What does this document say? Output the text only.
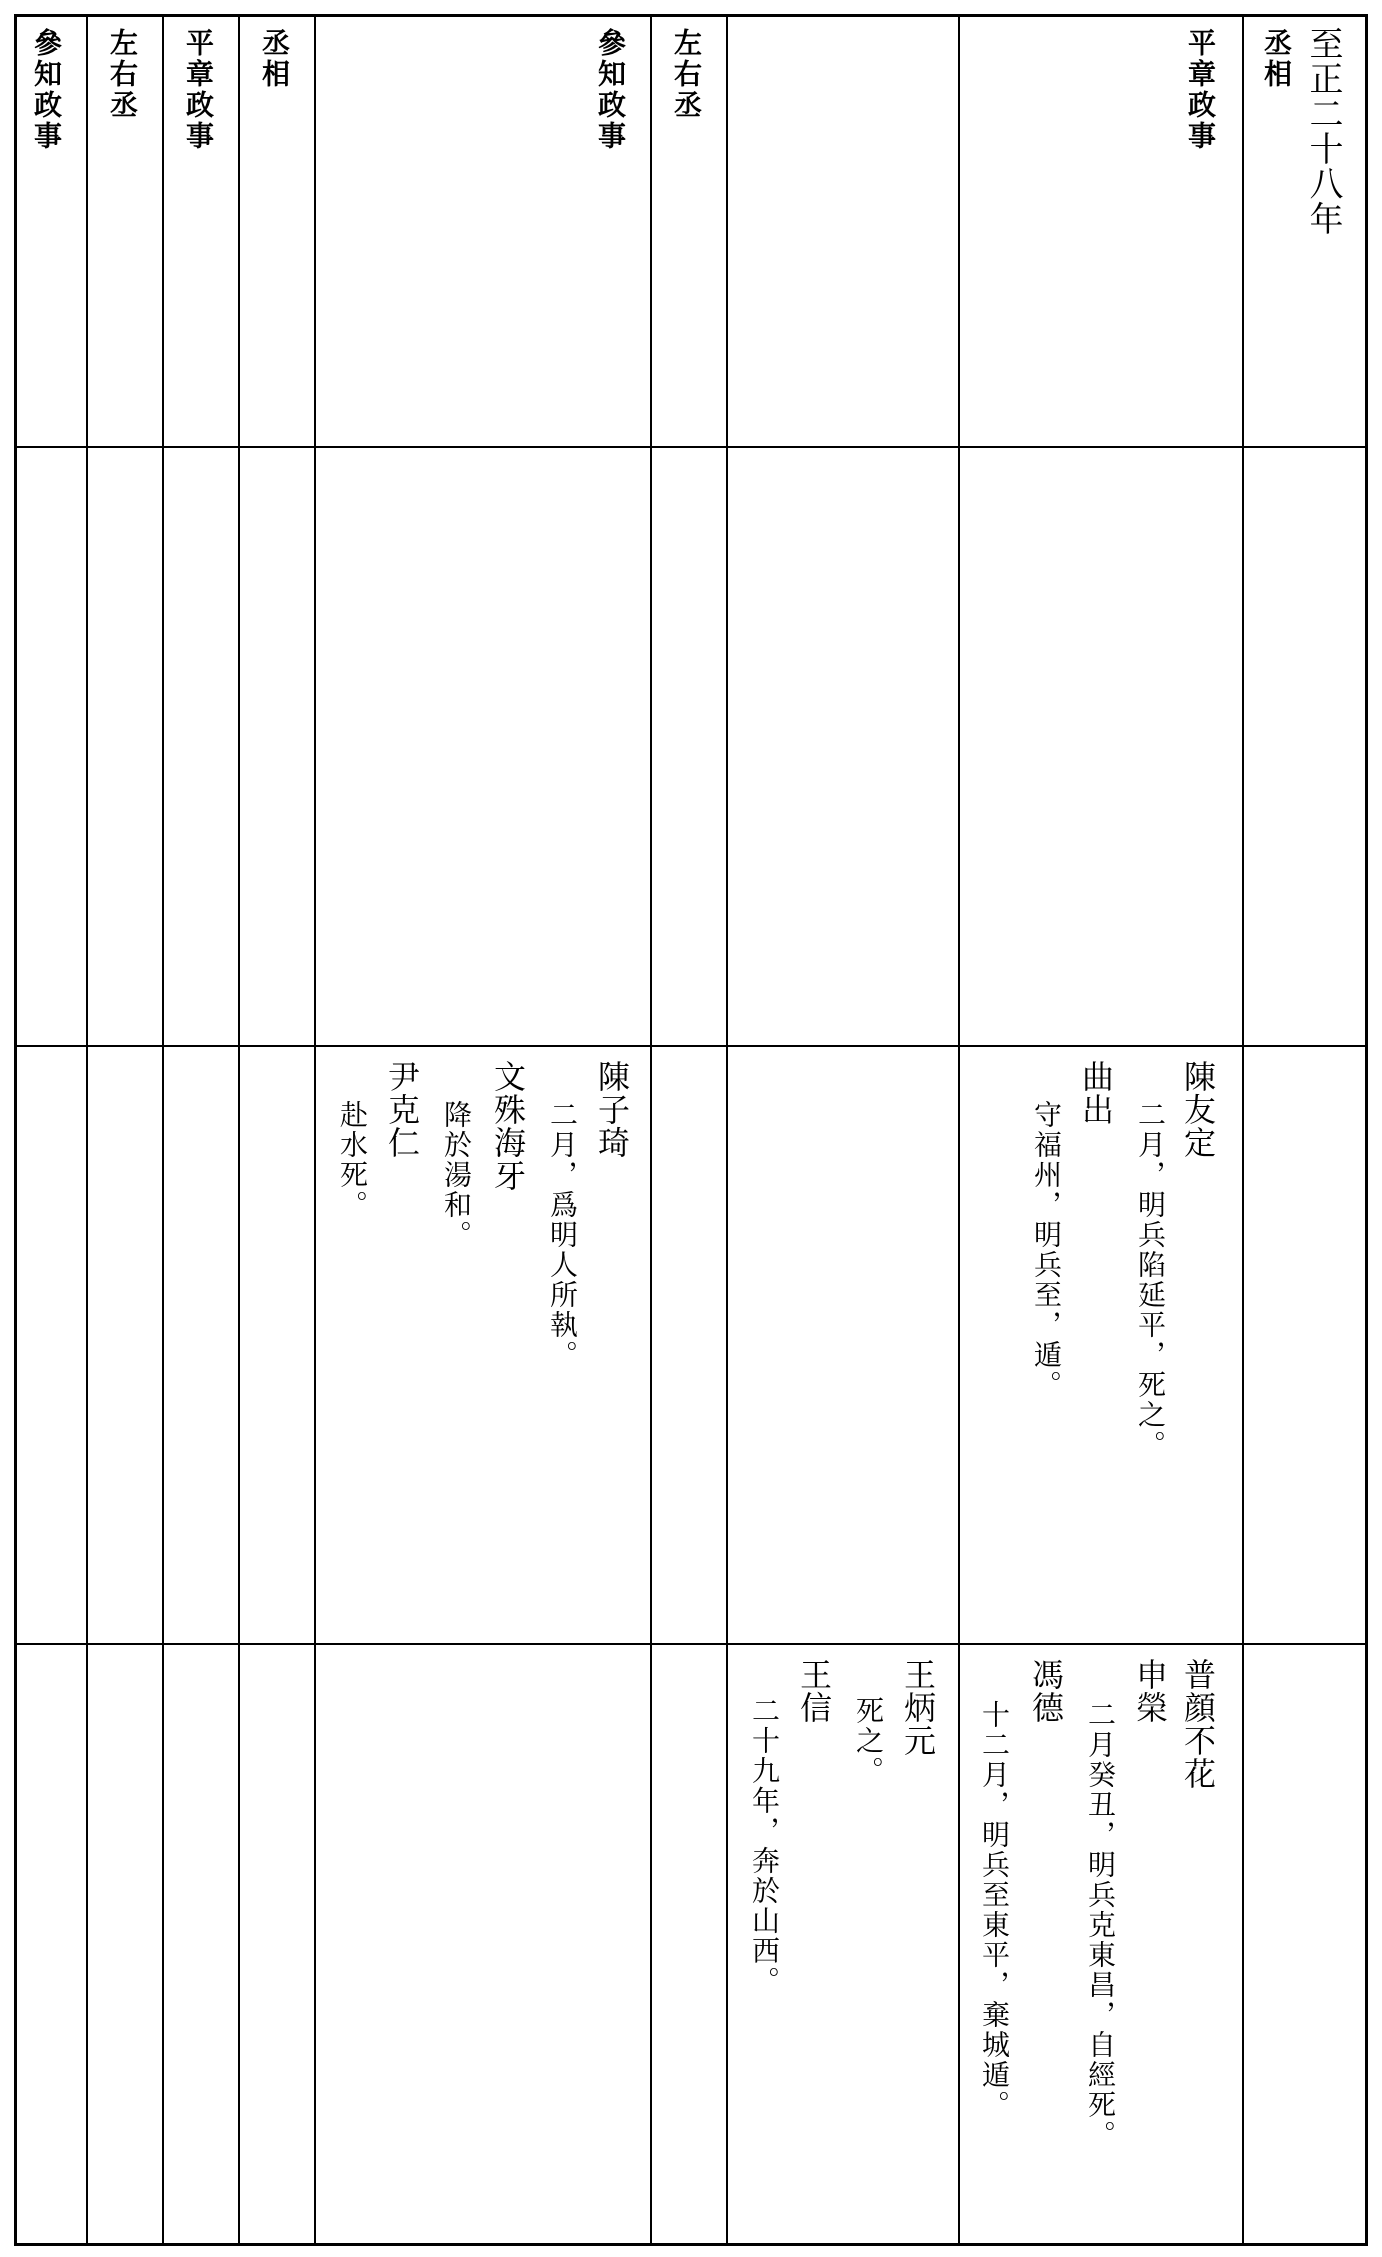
至正二十八年
丞相
平章政事
左右丞
參知政事
丞相
平章政事
左右丞
參知政事
陳友定
二月，明兵陷延平，死之。
曲出
守福州，明兵至，遁。
陳子琦
二月，爲明人所執。
文殊海牙
降於湯和。
尹克仁
赴水死。
普顔不花
申榮
二月癸丑，明兵克東昌，自經死。
馮德
十二月，明兵至東平，棄城遁。
王炳元
死之。
王信
二十九年，奔於山西。
